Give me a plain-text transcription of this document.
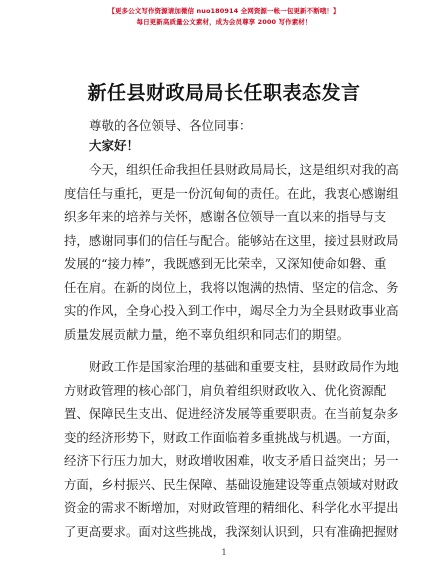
【更多公文写作资源请加微信 nuo180914 全网资源一帐一包更新不断哦！】
每日更新高质量公文素材，成为会员尊享 2000 写作素材！
新任县财政局局长任职表态发言
尊敬的各位领导、各位同事：
大家好！
今天，组织任命我担任县财政局局长，这是组织对我的高
度信任与重托，更是一份沉甸甸的责任。在此，我衷心感谢组
织多年来的培养与关怀，感谢各位领导一直以来的指导与支
持，感谢同事们的信任与配合。能够站在这里，接过县财政局
发展的“接力棒”，我既感到无比荣幸，又深知使命如磐、重
任在肩。在新的岗位上，我将以饱满的热情、坚定的信念、务
实的作风，全身心投入到工作中，竭尽全力为全县财政事业高
质量发展贡献力量，绝不辜负组织和同志们的期望。
财政工作是国家治理的基础和重要支柱，县财政局作为地
方财政管理的核心部门，肩负着组织财政收入、优化资源配
置、保障民生支出、促进经济发展等重要职责。在当前复杂多
变的经济形势下，财政工作面临着多重挑战与机遇。一方面，
经济下行压力加大，财政增收困难，收支矛盾日益突出；另一
方面，乡村振兴、民生保障、基础设施建设等重点领域对财政
资金的需求不断增加，对财政管理的精细化、科学化水平提出
了更高要求。面对这些挑战，我深刻认识到，只有准确把握财
1
